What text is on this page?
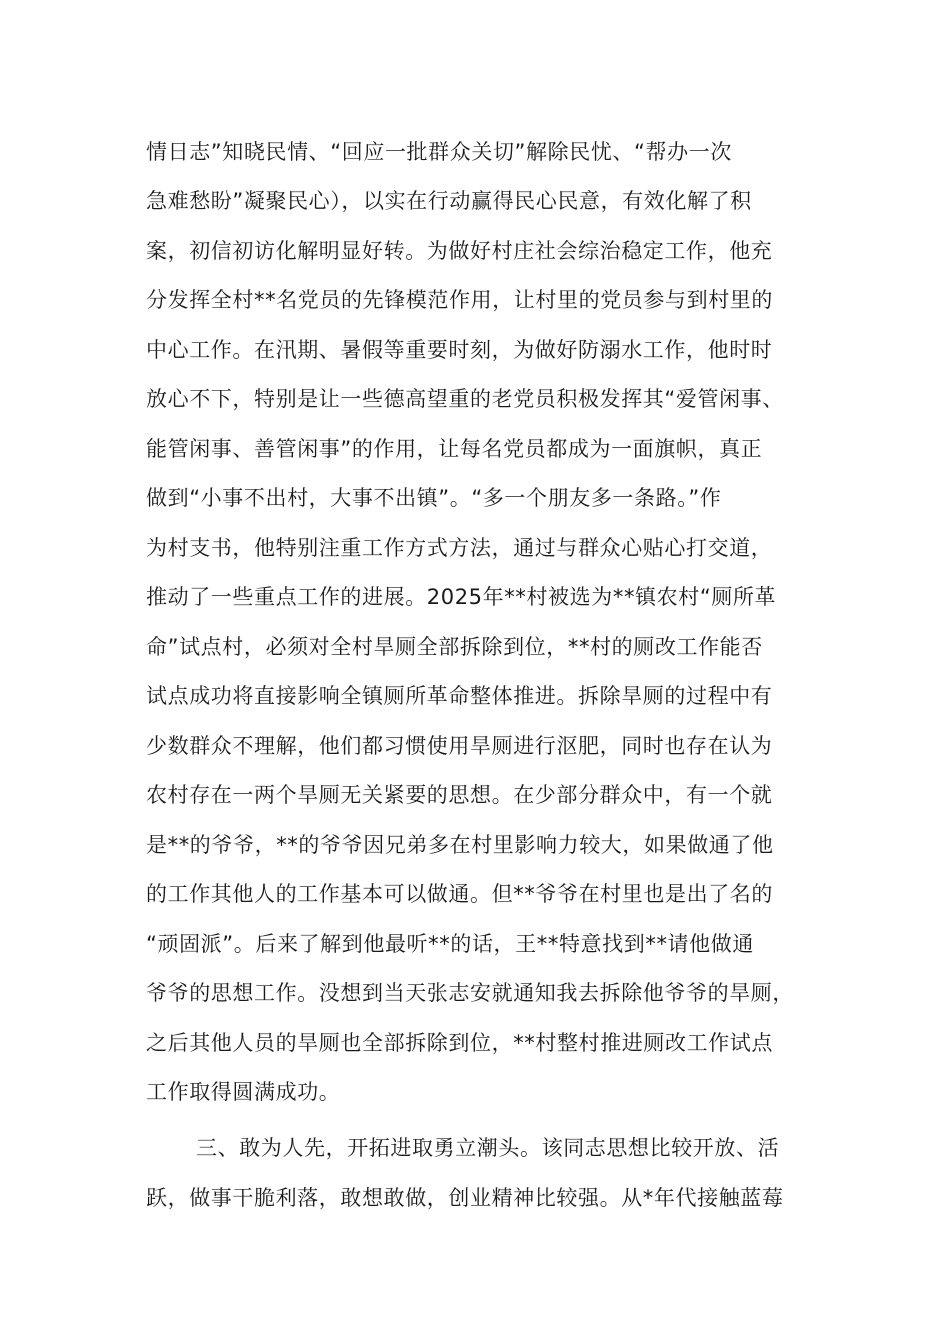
情日志”知晓民情、“回应一批群众关切”解除民忧、“帮办一次
急难愁盼”凝聚民心），以实在行动赢得民心民意，有效化解了积
案，初信初访化解明显好转。为做好村庄社会综治稳定工作，他充
分发挥全村**名党员的先锋模范作用，让村里的党员参与到村里的
中心工作。在汛期、暑假等重要时刻，为做好防溺水工作，他时时
放心不下，特别是让一些德高望重的老党员积极发挥其“爱管闲事、
能管闲事、善管闲事”的作用，让每名党员都成为一面旗帜，真正
做到“小事不出村，大事不出镇”。“多一个朋友多一条路。”作
为村支书，他特别注重工作方式方法，通过与群众心贴心打交道，
推动了一些重点工作的进展。2025年**村被选为**镇农村“厕所革
命”试点村，必须对全村旱厕全部拆除到位，**村的厕改工作能否
试点成功将直接影响全镇厕所革命整体推进。拆除旱厕的过程中有
少数群众不理解，他们都习惯使用旱厕进行沤肥，同时也存在认为
农村存在一两个旱厕无关紧要的思想。在少部分群众中，有一个就
是**的爷爷，**的爷爷因兄弟多在村里影响力较大，如果做通了他
的工作其他人的工作基本可以做通。但**爷爷在村里也是出了名的
“顽固派”。后来了解到他最听**的话，王**特意找到**请他做通
爷爷的思想工作。没想到当天张志安就通知我去拆除他爷爷的旱厕，
之后其他人员的旱厕也全部拆除到位，**村整村推进厕改工作试点
工作取得圆满成功。
三、敢为人先，开拓进取勇立潮头。该同志思想比较开放、活
跃，做事干脆利落，敢想敢做，创业精神比较强。从*年代接触蓝莓
